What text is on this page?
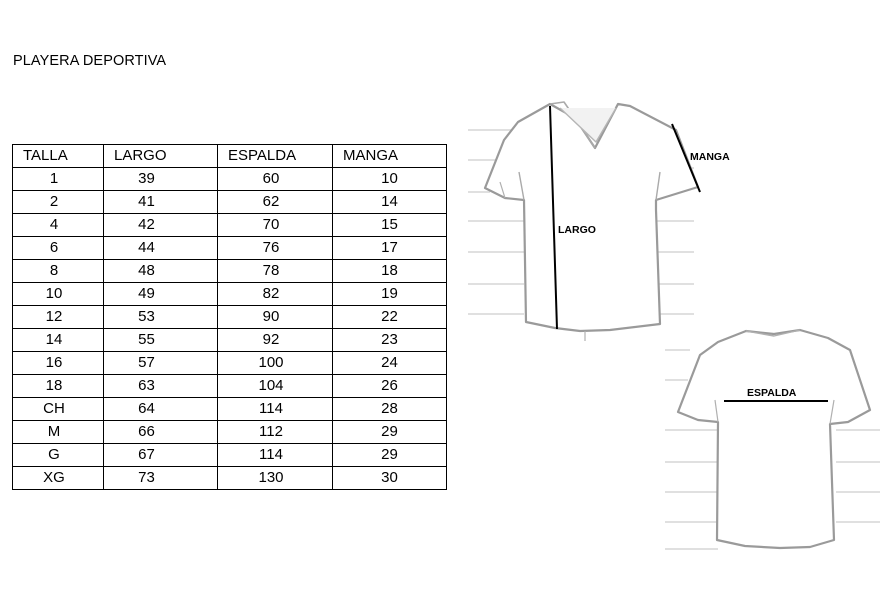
PLAYERA DEPORTIVA
TALLA	LARGO	ESPALDA	MANGA
1	39	60	10
2	41	62	14
4	42	70	15
6	44	76	17
8	48	78	18
10	49	82	19
12	53	90	22
14	55	92	23
16	57	100	24
18	63	104	26
CH	64	114	28
M	66	112	29
G	67	114	29
XG	73	130	30
LARGO
MANGA
ESPALDA
